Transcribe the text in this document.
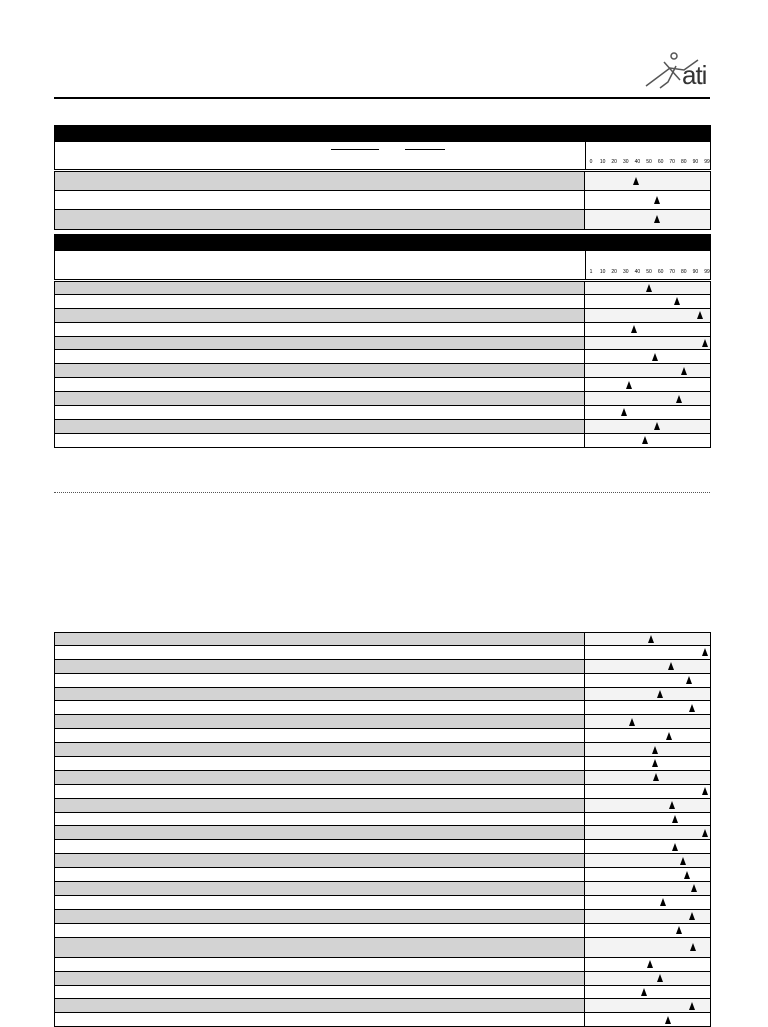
ati
0 10 20 30 40 50 60 70 80 90 99
1 10 20 30 40 50 60 70 80 90 99
